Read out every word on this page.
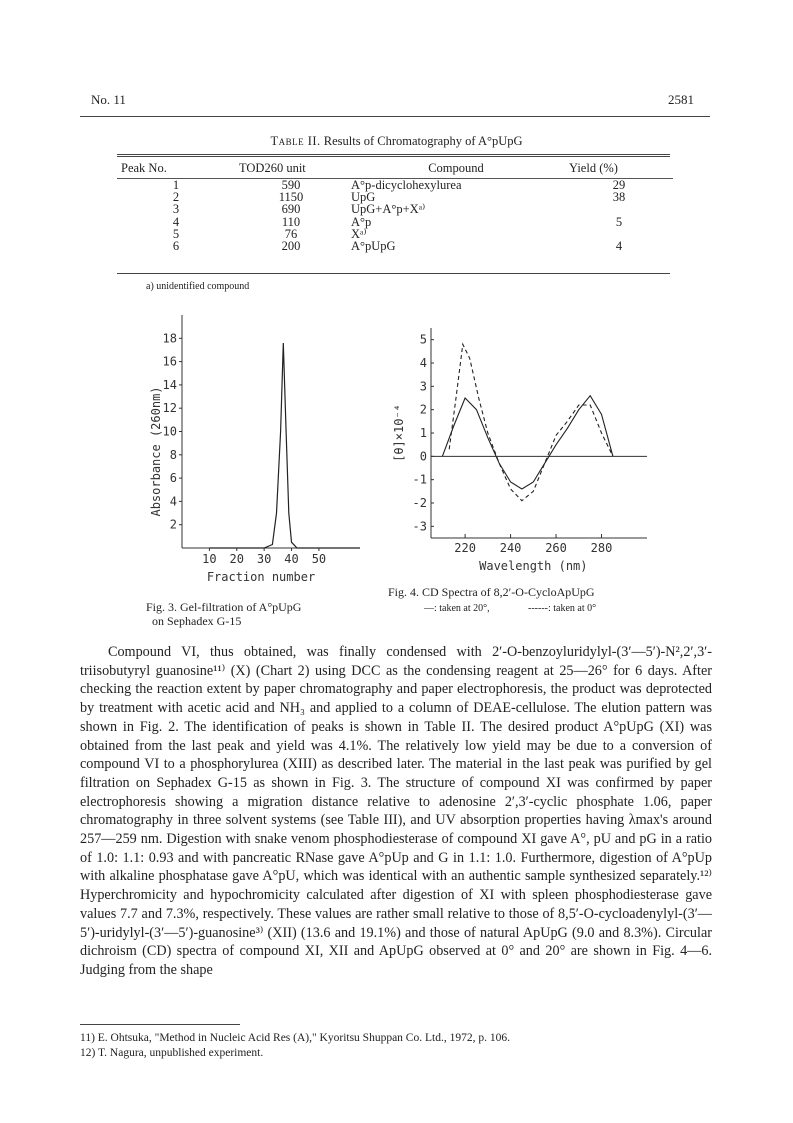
No. 11	2581
Table II. Results of Chromatography of A°pUpG
Peak No.	TOD260 unit	Compound	Yield (%)
1	590	A°p-dicyclohexylurea	29
2	1150	UpG	38
3	690	UpG+A°p+Xᵃ⁾	
4	110	A°p	5
5	76	Xᵃ⁾	
6	200	A°pUpG	4
a) unidentified compound
2
4
6
8
10
12
14
16
18
10 20 30 40 50
Fraction number
Absorbance (260nm)
Fig. 3. Gel-filtration of A°pUpG
on Sephadex G-15
5
4
3
2
1
0
-1
-2
-3
220 240 260 280
Wavelength (nm)
[θ]×10⁻⁴
Fig. 4. CD Spectra of 8,2′-O-CycloApUpG
—: taken at 20°,	------: taken at 0°

Compound VI, thus obtained, was finally condensed with 2′-O-benzoyluridylyl-(3′—5′)-N²,2′,3′-triisobutyryl guanosine¹¹⁾ (X) (Chart 2) using DCC as the condensing reagent at 25—26° for 6 days. After checking the reaction extent by paper chromatography and paper electrophoresis, the product was deprotected by treatment with acetic acid and NH₃ and applied to a column of DEAE-cellulose. The elution pattern was shown in Fig. 2. The identification of peaks is shown in Table II. The desired product A°pUpG (XI) was obtained from the last peak and yield was 4.1%. The relatively low yield may be due to a conversion of compound VI to a phosphorylurea (XIII) as described later. The material in the last peak was purified by gel filtration on Sephadex G-15 as shown in Fig. 3. The structure of compound XI was confirmed by paper electrophoresis showing a migration distance relative to adenosine 2′,3′-cyclic phosphate 1.06, paper chromatography in three solvent systems (see Table III), and UV absorption properties having λmax's around 257—259 nm. Digestion with snake venom phosphodiesterase of compound XI gave A°, pU and pG in a ratio of 1.0: 1.1: 0.93 and with pancreatic RNase gave A°pUp and G in 1.1: 1.0. Furthermore, digestion of A°pUp with alkaline phosphatase gave A°pU, which was identical with an authentic sample synthesized separately.¹²⁾ Hyperchromicity and hypochromicity calculated after digestion of XI with spleen phosphodiesterase gave values 7.7 and 7.3%, respectively. These values are rather small relative to those of 8,5′-O-cycloadenylyl-(3′—5′)-uridylyl-(3′—5′)-guanosine³⁾ (XII) (13.6 and 19.1%) and those of natural ApUpG (9.0 and 8.3%). Circular dichroism (CD) spectra of compound XI, XII and ApUpG observed at 0° and 20° are shown in Fig. 4—6. Judging from the shape

11) E. Ohtsuka, "Method in Nucleic Acid Res (A)," Kyoritsu Shuppan Co. Ltd., 1972, p. 106.
12) T. Nagura, unpublished experiment.
